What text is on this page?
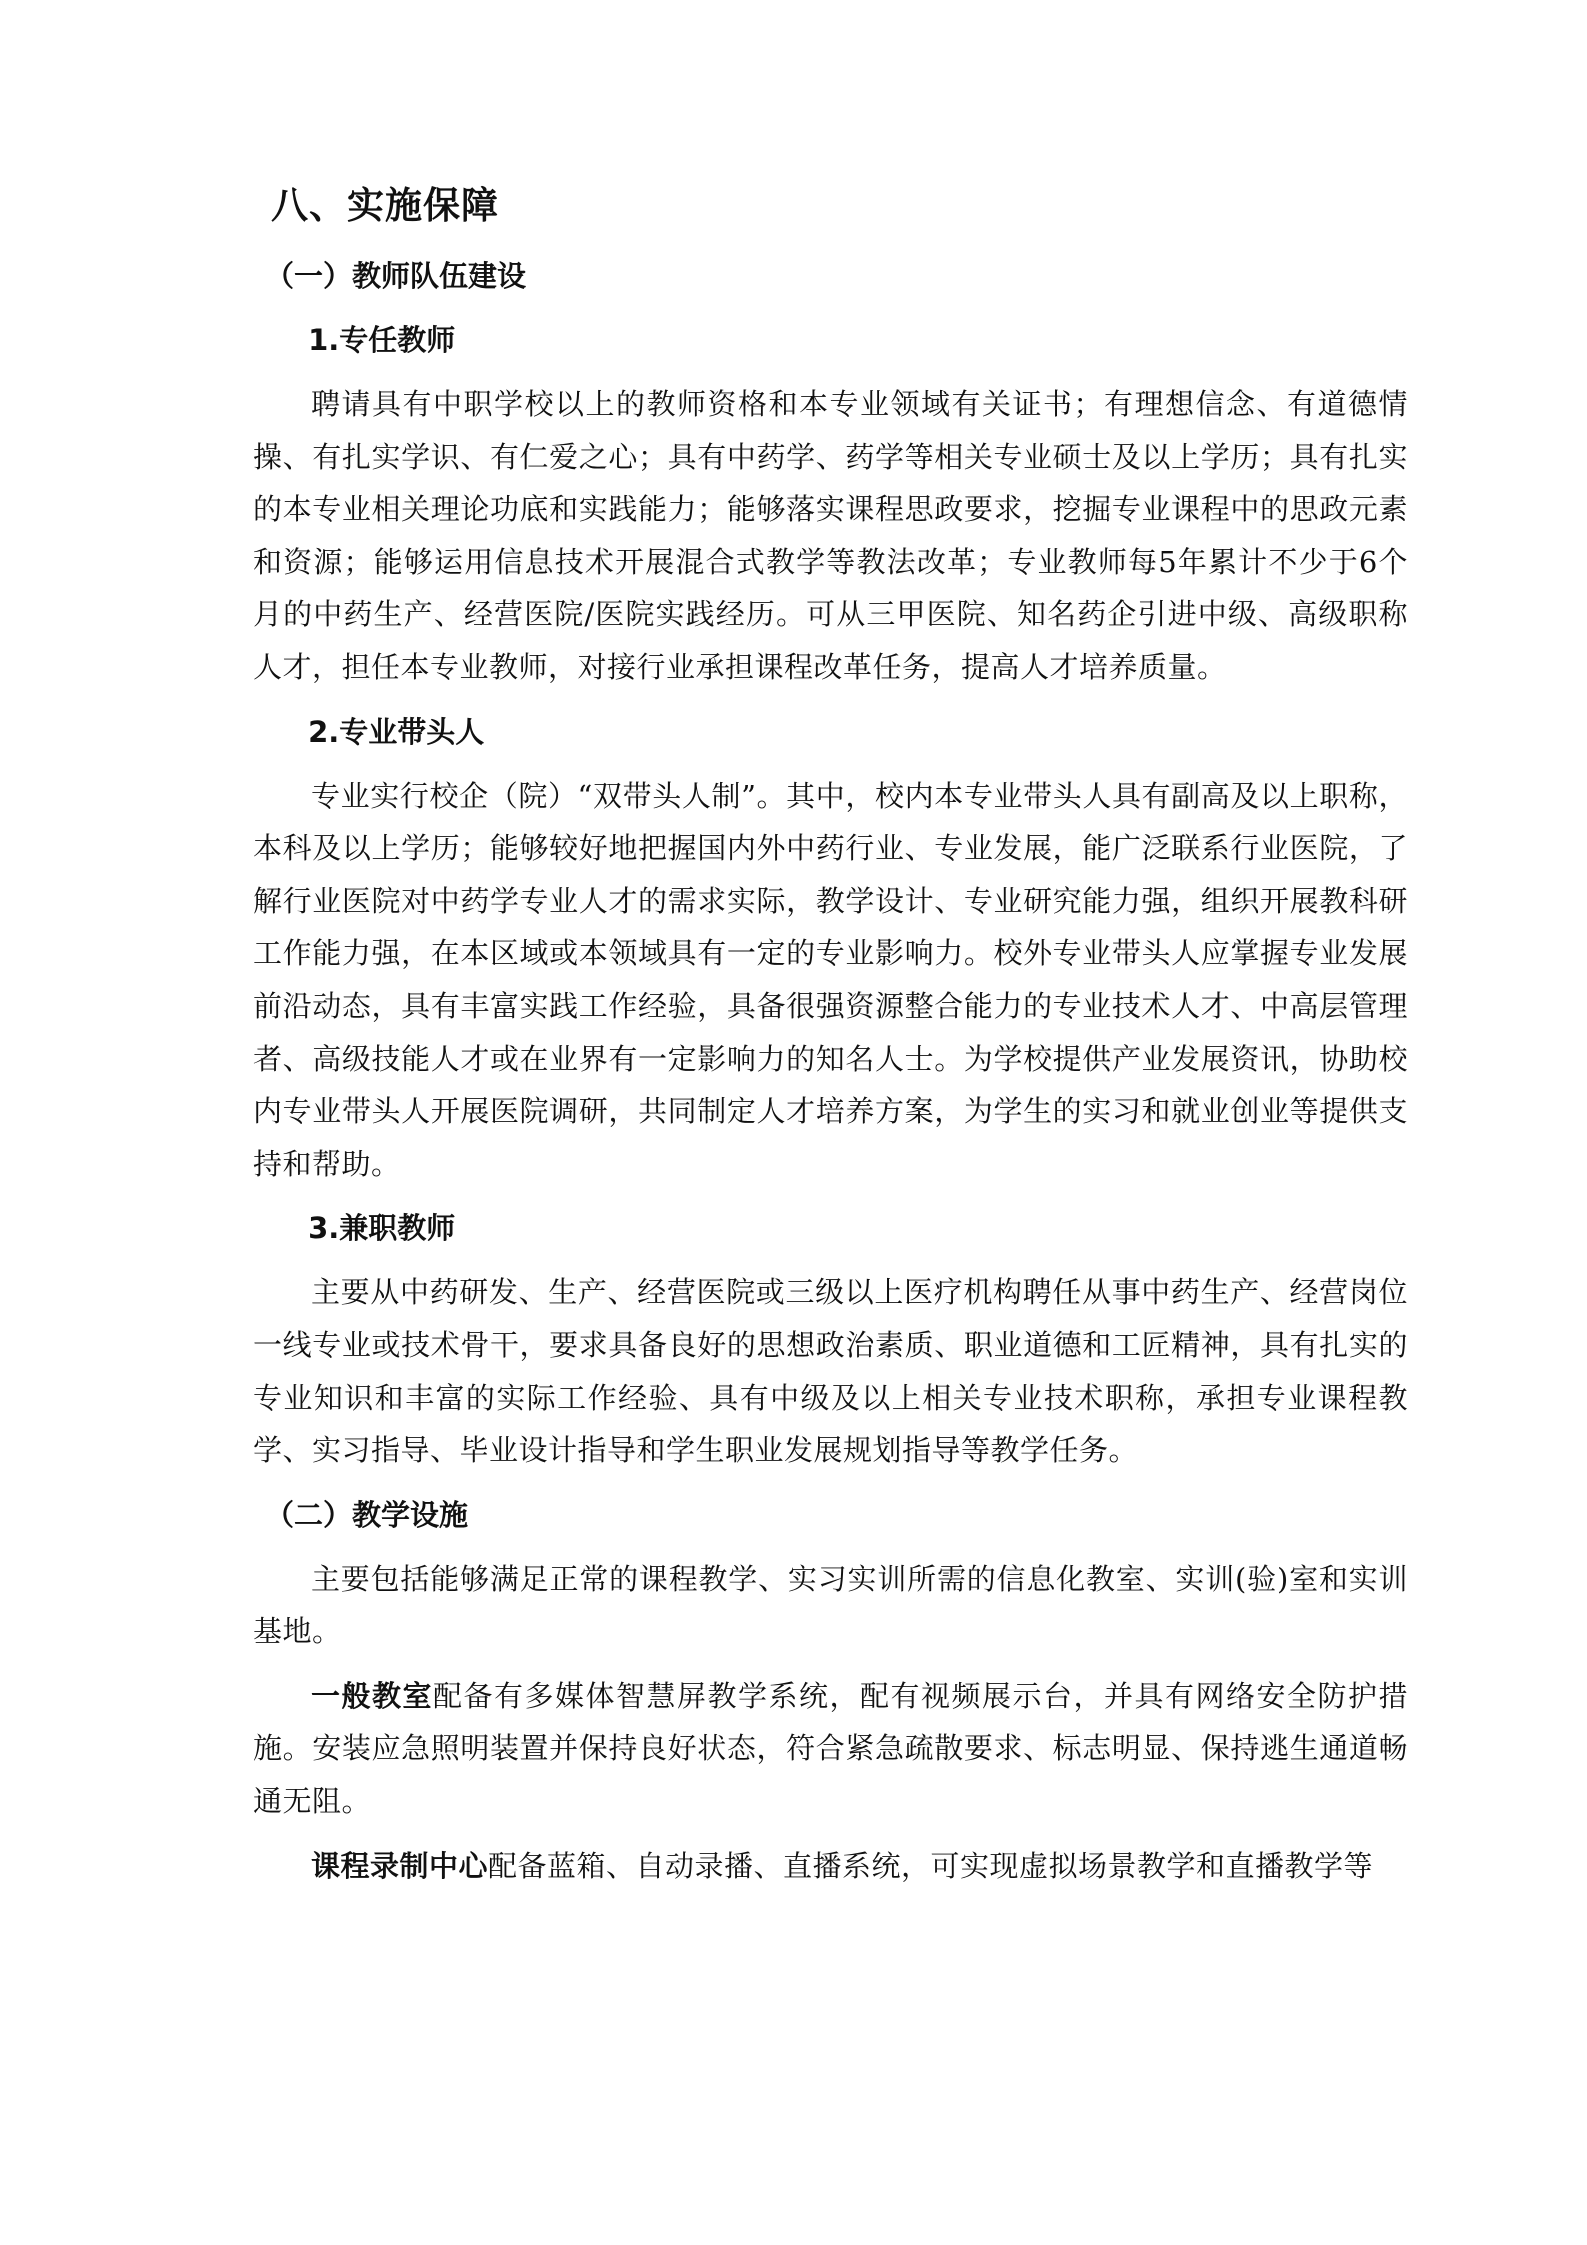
八、实施保障
（一）教师队伍建设
1.专任教师

聘请具有中职学校以上的教师资格和本专业领域有关证书；有理想信念、有道德情操、有扎实学识、有仁爱之心；具有中药学、药学等相关专业硕士及以上学历；具有扎实的本专业相关理论功底和实践能力；能够落实课程思政要求，挖掘专业课程中的思政元素和资源；能够运用信息技术开展混合式教学等教法改革；专业教师每5年累计不少于6个月的中药生产、经营医院/医院实践经历。可从三甲医院、知名药企引进中级、高级职称人才，担任本专业教师，对接行业承担课程改革任务，提高人才培养质量。

2.专业带头人

专业实行校企（院）“双带头人制”。其中，校内本专业带头人具有副高及以上职称，本科及以上学历；能够较好地把握国内外中药行业、专业发展，能广泛联系行业医院，了解行业医院对中药学专业人才的需求实际，教学设计、专业研究能力强，组织开展教科研工作能力强，在本区域或本领域具有一定的专业影响力。校外专业带头人应掌握专业发展前沿动态，具有丰富实践工作经验，具备很强资源整合能力的专业技术人才、中高层管理者、高级技能人才或在业界有一定影响力的知名人士。为学校提供产业发展资讯，协助校内专业带头人开展医院调研，共同制定人才培养方案，为学生的实习和就业创业等提供支持和帮助。

3.兼职教师

主要从中药研发、生产、经营医院或三级以上医疗机构聘任从事中药生产、经营岗位一线专业或技术骨干，要求具备良好的思想政治素质、职业道德和工匠精神，具有扎实的专业知识和丰富的实际工作经验、具有中级及以上相关专业技术职称，承担专业课程教学、实习指导、毕业设计指导和学生职业发展规划指导等教学任务。

（二）教学设施

主要包括能够满足正常的课程教学、实习实训所需的信息化教室、实训(验)室和实训基地。

一般教室配备有多媒体智慧屏教学系统，配有视频展示台，并具有网络安全防护措施。安装应急照明装置并保持良好状态，符合紧急疏散要求、标志明显、保持逃生通道畅通无阻。

课程录制中心配备蓝箱、自动录播、直播系统，可实现虚拟场景教学和直播教学等
